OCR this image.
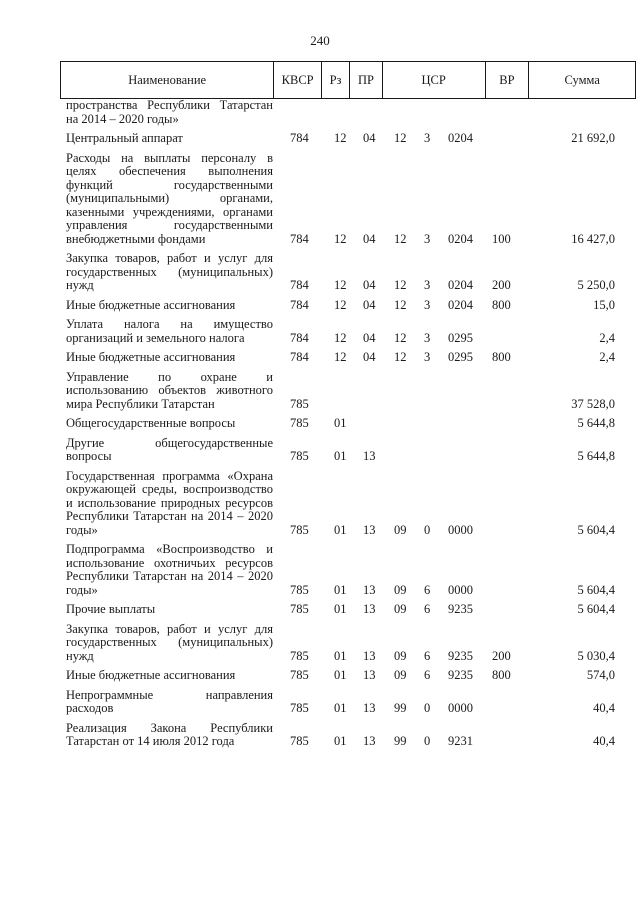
240
Наименование	КВСР	Рз	ПР	ЦСР	ВР	Сумма
пространства Республики Татарстан на 2014 – 2020 годы»
Центральный аппарат	784 12 04 12 3 0204	21 692,0
Расходы на выплаты персоналу в целях обеспечения выполнения функций государственными (муниципальными) органами, казенными учреждениями, органами управления государственными внебюджетными фондами	784 12 04 12 3 0204 100	16 427,0
Закупка товаров, работ и услуг для государственных (муниципальных) нужд	784 12 04 12 3 0204 200	5 250,0
Иные бюджетные ассигнования	784 12 04 12 3 0204 800	15,0
Уплата налога на имущество организаций и земельного налога	784 12 04 12 3 0295	2,4
Иные бюджетные ассигнования	784 12 04 12 3 0295 800	2,4
Управление по охране и использованию объектов животного мира Республики Татарстан	785	37 528,0
Общегосударственные вопросы	785 01	5 644,8
Другие общегосударственные вопросы	785 01 13	5 644,8
Государственная программа «Охрана окружающей среды, воспроизводство и использование природных ресурсов Республики Татарстан на 2014 – 2020 годы»	785 01 13 09 0 0000	5 604,4
Подпрограмма «Воспроизводство и использование охотничьих ресурсов Республики Татарстан на 2014 – 2020 годы»	785 01 13 09 6 0000	5 604,4
Прочие выплаты	785 01 13 09 6 9235	5 604,4
Закупка товаров, работ и услуг для государственных (муниципальных) нужд	785 01 13 09 6 9235 200	5 030,4
Иные бюджетные ассигнования	785 01 13 09 6 9235 800	574,0
Непрограммные направления расходов	785 01 13 99 0 0000	40,4
Реализация Закона Республики Татарстан от 14 июля 2012 года	785 01 13 99 0 9231	40,4
